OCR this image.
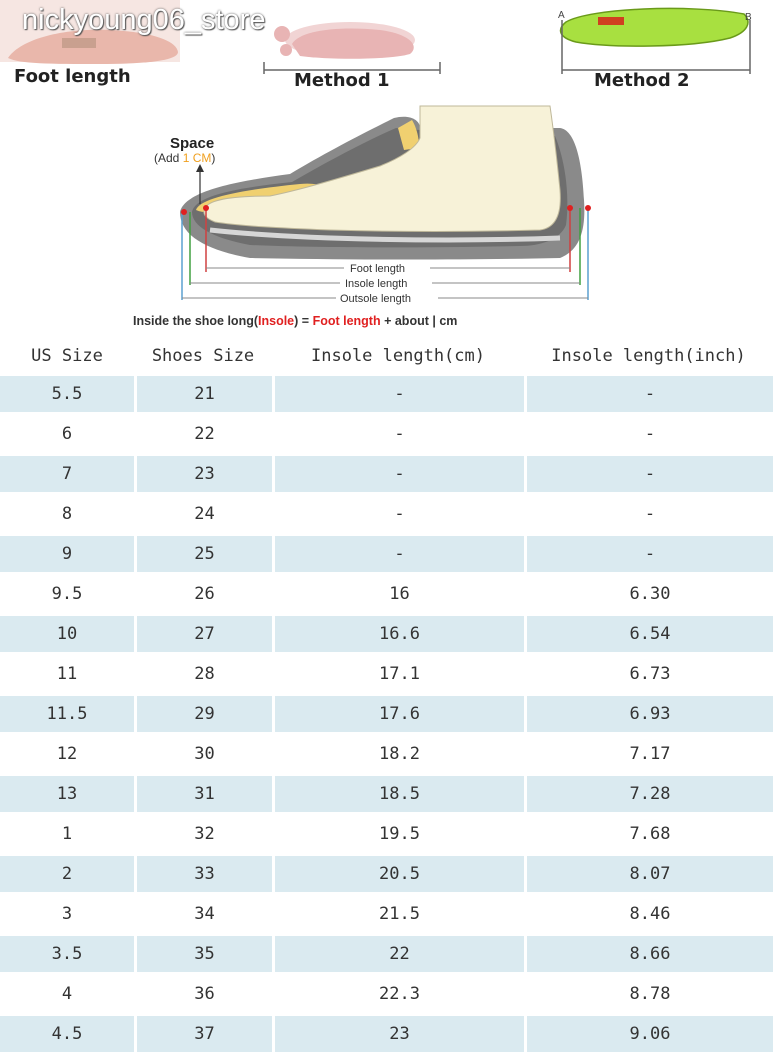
A	B
Foot length	Method 1	Method 2
nickyoung06_store
Foot length
Insole length
Outsole length
Space
(Add 1 CM)
Inside the shoe long(Insole) = Foot length + about | cm
US Size	Shoes Size	Insole length(cm)	Insole length(inch)
5.5	21	-	-
6	22	-	-
7	23	-	-
8	24	-	-
9	25	-	-
9.5	26	16	6.30
10	27	16.6	6.54
11	28	17.1	6.73
11.5	29	17.6	6.93
12	30	18.2	7.17
13	31	18.5	7.28
1	32	19.5	7.68
2	33	20.5	8.07
3	34	21.5	8.46
3.5	35	22	8.66
4	36	22.3	8.78
4.5	37	23	9.06
